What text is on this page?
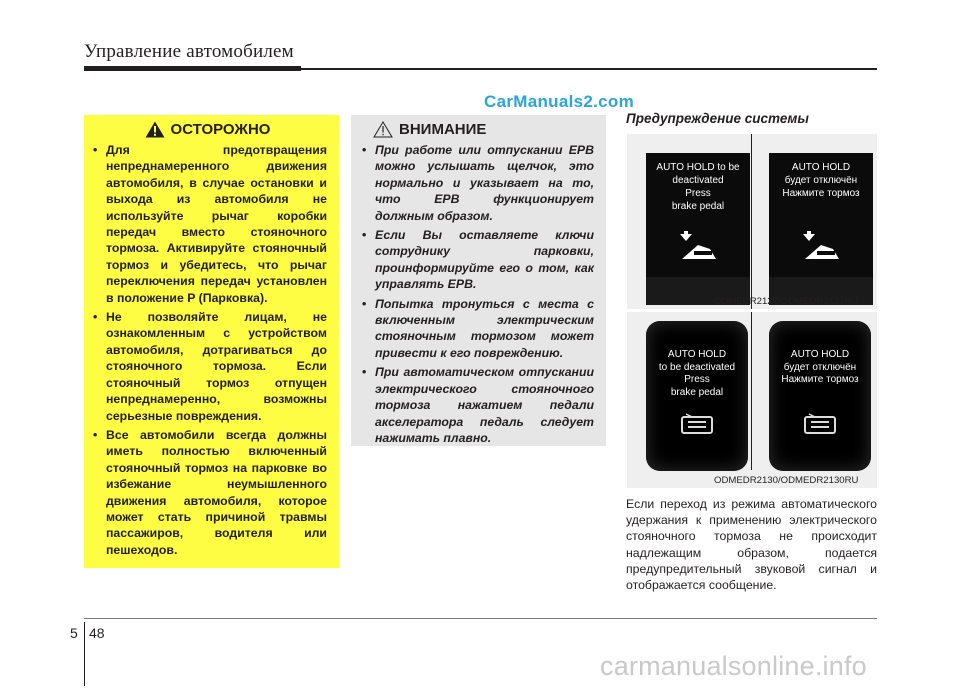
Управление автомобилем
CarManuals2.com
ОСТОРОЖНО
• Для предотвращения непреднамеренного движения автомобиля, в случае остановки и выхода из автомобиля не используйте рычаг коробки передач вместо стояночного тормоза. Активируйте стояночный тормоз и убедитесь, что рычаг переключения передач установлен в положение P (Парковка).
• Не позволяйте лицам, не ознакомленным с устройством автомобиля, дотрагиваться до стояночного тормоза. Если стояночный тормоз отпущен непреднамеренно, возможны серьезные повреждения.
• Все автомобили всегда должны иметь полностью включенный стояночный тормоз на парковке во избежание неумышленного движения автомобиля, которое может стать причиной травмы пассажиров, водителя или пешеходов.
ВНИМАНИЕ
• При работе или отпускании EPB можно услышать щелчок, это нормально и указывает на то, что EPB функционирует должным образом.
• Если Вы оставляете ключи сотруднику парковки, проинформируйте его о том, как управлять EPB.
• Попытка тронуться с места с включенным электрическим стояночным тормозом может привести к его повреждению.
• При автоматическом отпускании электрического стояночного тормоза нажатием педали акселератора педаль следует нажимать плавно.
Предупреждение системы
AUTO HOLD to be
deactivated
Press
brake pedal
AUTO HOLD
будет отключён
Нажмите тормоз
ODMEDR2127/ODMEDR2127RU
AUTO HOLD
to be deactivated
Press
brake pedal
AUTO HOLD
будет отключён
Нажмите тормоз
ODMEDR2130/ODMEDR2130RU
Если переход из режима автоматического удержания к применению электрического стояночного тормоза не происходит надлежащим образом, подается предупредительный звуковой сигнал и отображается сообщение.
5 48
carmanualsonline.info
